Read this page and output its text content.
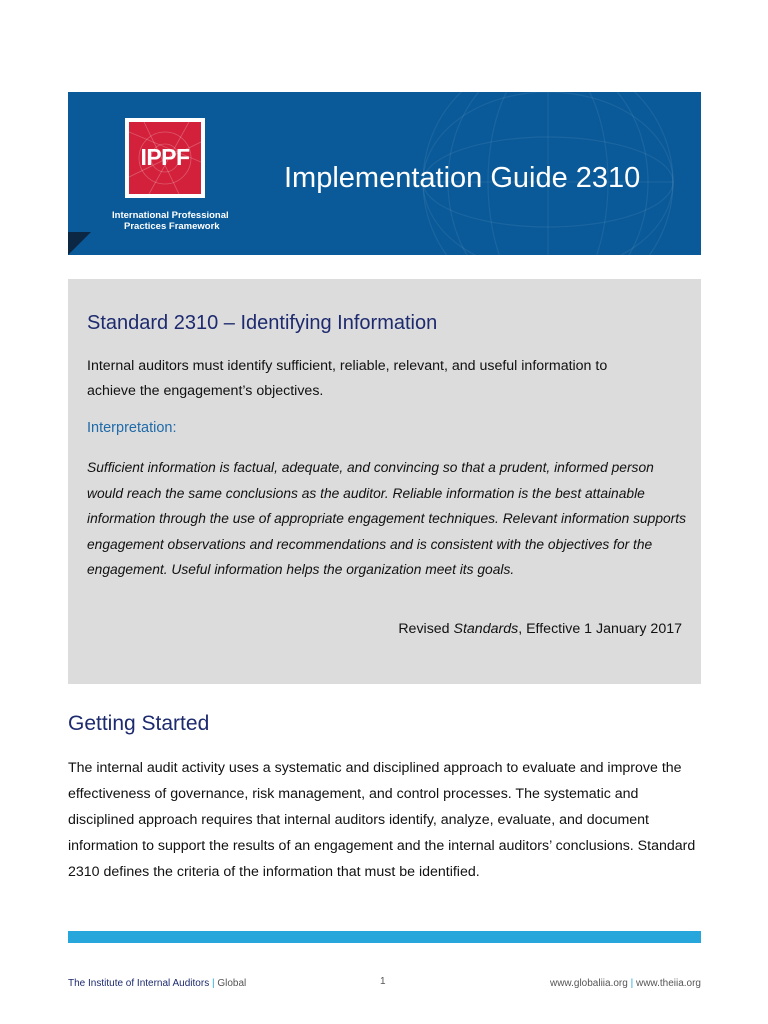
IPPF
International Professional
Practices Framework
Implementation Guide 2310
Standard 2310 – Identifying Information
Internal auditors must identify sufficient, reliable, relevant, and useful information to
achieve the engagement’s objectives.
Interpretation:
Sufficient information is factual, adequate, and convincing so that a prudent, informed person would reach the same conclusions as the auditor. Reliable information is the best attainable information through the use of appropriate engagement techniques. Relevant information supports engagement observations and recommendations and is consistent with the objectives for the engagement. Useful information helps the organization meet its goals.
Revised Standards, Effective 1 January 2017
Getting Started
The internal audit activity uses a systematic and disciplined approach to evaluate and improve the effectiveness of governance, risk management, and control processes. The systematic and disciplined approach requires that internal auditors identify, analyze, evaluate, and document information to support the results of an engagement and the internal auditors’ conclusions. Standard 2310 defines the criteria of the information that must be identified.
The Institute of Internal Auditors | Global	1	www.globaliia.org | www.theiia.org
